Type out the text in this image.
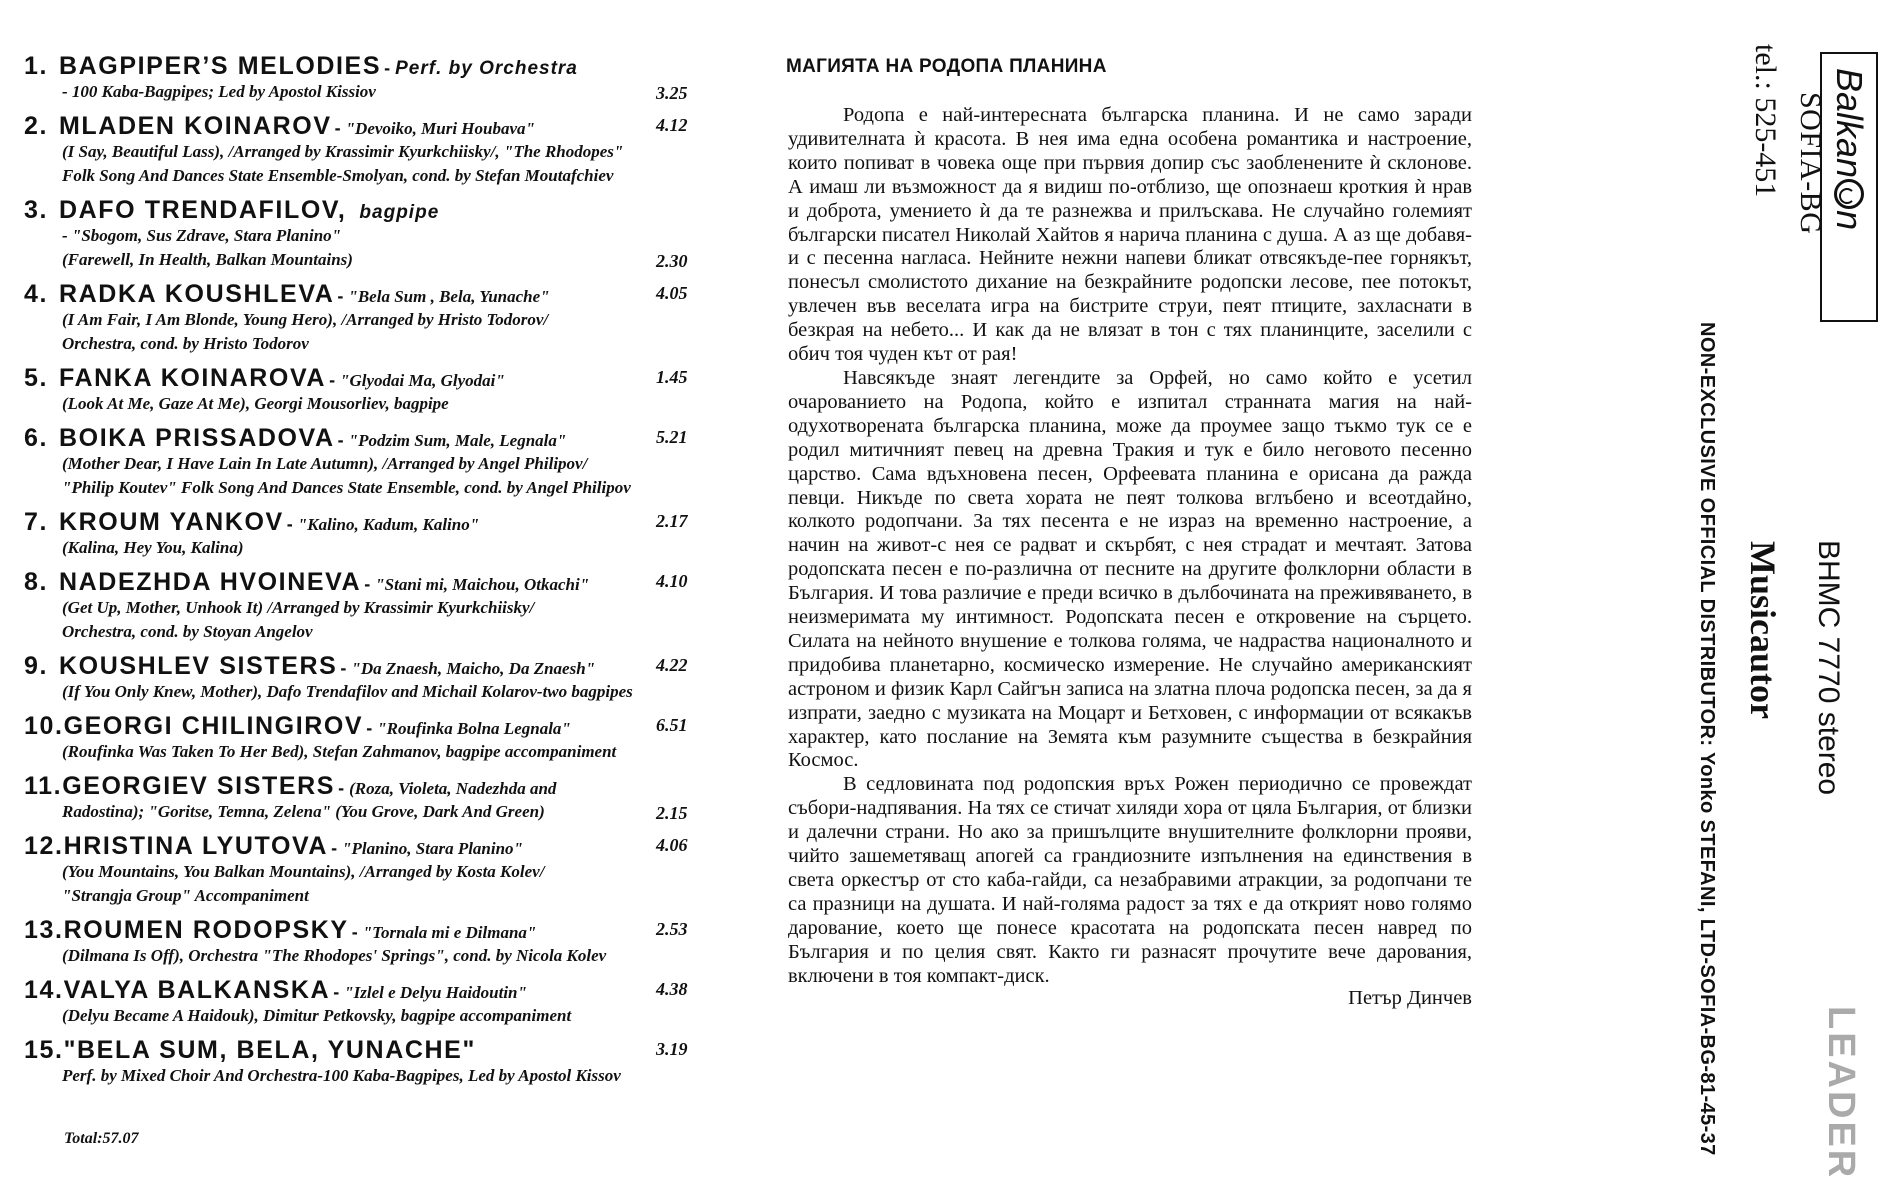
1. BAGPIPER’S MELODIES - Perf. by Orchestra
- 100 Kaba-Bagpipes; Led by Apostol Kissiov	3.25
2. MLADEN KOINAROV - "Devoiko, Muri Houbava"	4.12
(I Say, Beautiful Lass), /Arranged by Krassimir Kyurkchiisky/, "The Rhodopes"
Folk Song And Dances State Ensemble-Smolyan, cond. by Stefan Moutafchiev
3. DAFO TRENDAFILOV, bagpipe
- "Sbogom, Sus Zdrave, Stara Planino"
(Farewell, In Health, Balkan Mountains)	2.30
4. RADKA KOUSHLEVA - "Bela Sum , Bela, Yunache"	4.05
(I Am Fair, I Am Blonde, Young Hero), /Arranged by Hristo Todorov/
Orchestra, cond. by Hristo Todorov
5. FANKA KOINAROVA - "Glyodai Ma, Glyodai"	1.45
(Look At Me, Gaze At Me), Georgi Mousorliev, bagpipe
6. BOIKA PRISSADOVA - "Podzim Sum, Male, Legnala"	5.21
(Mother Dear, I Have Lain In Late Autumn), /Arranged by Angel Philipov/
"Philip Koutev" Folk Song And Dances State Ensemble, cond. by Angel Philipov
7. KROUM YANKOV - "Kalino, Kadum, Kalino"	2.17
(Kalina, Hey You, Kalina)
8. NADEZHDA HVOINEVA - "Stani mi, Maichou, Otkachi"	4.10
(Get Up, Mother, Unhook It) /Arranged by Krassimir Kyurkchiisky/
Orchestra, cond. by Stoyan Angelov
9. KOUSHLEV SISTERS - "Da Znaesh, Maicho, Da Znaesh"	4.22
(If You Only Knew, Mother), Dafo Trendafilov and Michail Kolarov-two bagpipes
10.GEORGI CHILINGIROV - "Roufinka Bolna Legnala"	6.51
(Roufinka Was Taken To Her Bed), Stefan Zahmanov, bagpipe accompaniment
11.GEORGIEV SISTERS - (Roza, Violeta, Nadezhda and
Radostina); "Goritse, Temna, Zelena" (You Grove, Dark And Green)	2.15
12.HRISTINA LYUTOVA - "Planino, Stara Planino"	4.06
(You Mountains, You Balkan Mountains), /Arranged by Kosta Kolev/
"Strangja Group" Accompaniment
13.ROUMEN RODOPSKY - "Tornala mi e Dilmana"	2.53
(Dilmana Is Off), Orchestra "The Rhodopes' Springs", cond. by Nicola Kolev
14.VALYA BALKANSKA - "Izlel e Delyu Haidoutin"	4.38
(Delyu Became A Haidouk), Dimitur Petkovsky, bagpipe accompaniment
15."BELA SUM, BELA, YUNACHE"	3.19
Perf. by Mixed Choir And Orchestra-100 Kaba-Bagpipes, Led by Apostol Kissov
Total:57.07
МАГИЯТА НА РОДОПА ПЛАНИНА

Родопа е най-интересната българска планина. И не само заради удивителната ѝ красота. В нея има една особена романтика и настроение, които попиват в човека още при първия допир със заобленените ѝ склонове. А имаш ли възможност да я видиш по-отблизо, ще опознаеш кроткия ѝ нрав и доброта, умението ѝ да те разнежва и прилъскава. Не случайно големият български писател Николай Хайтов я нарича планина с душа. А аз ще добавя-и с песенна нагласа. Нейните нежни напеви бликат отвсякъде-пее горнякът, понесъл смолистото дихание на безкрайните родопски лесове, пее потокът, увлечен във веселата игра на бистрите струи, пеят птиците, захласнати в безкрая на небето... И как да не влязат в тон с тях планинците, заселили с обич тоя чуден кът от рая!

Навсякъде знаят легендите за Орфей, но само който е усетил очарованието на Родопа, който е изпитал странната магия на най-одухотворената българска планина, може да проумее защо тъкмо тук се е родил митичният певец на древна Тракия и тук е било неговото песенно царство. Сама вдъхновена песен, Орфеевата планина е орисана да ражда певци. Никъде по света хората не пеят толкова вглъбено и всеотдайно, колкото родопчани. За тях песента е не израз на временно настроение, а начин на живот-с нея се радват и скърбят, с нея страдат и мечтаят. Затова родопската песен е по-различна от песните на другите фолклорни области в България. И това различие е преди всичко в дълбочината на преживяването, в неизмеримата му интимност. Родопската песен е откровение на сърцето. Силата на нейното внушение е толкова голяма, че надраства националното и придобива планетарно, космическо измерение. Не случайно американският астроном и физик Карл Сайгън записа на златна плоча родопска песен, за да я изпрати, заедно с музиката на Моцарт и Бетховен, с информации от всякакъв характер, като послание на Земята към разумните същества в безкрайния Космос.

В седловината под родопския връх Рожен периодично се провеждат събори-надпявания. На тях се стичат хиляди хора от цяла България, от близки и далечни страни. Но ако за пришълците внушителните фолклорни прояви, чийто зашеметяващ апогей са грандиозните изпълнения на единствения в света оркестър от сто каба-гайди, са незабравими атракции, за родопчани те са празници на душата. И най-голяма радост за тях е да открият ново голямо дарование, което ще понесе красотата на родопската песен навред по България и по целия свят. Както ги разнасят прочутите вече дарования, включени в тоя компакт-диск.

Петър Динчев

Balkan
n
SOFIA-BG
tel.: 525-451
NON-EXCLUSIVE OFFICIAL DISTRIBUTOR: Yonko STEFANI, LTD-SOFIA-BG-81-45-37	ВНМС 7770 stereo
Musicautor
LEADER
